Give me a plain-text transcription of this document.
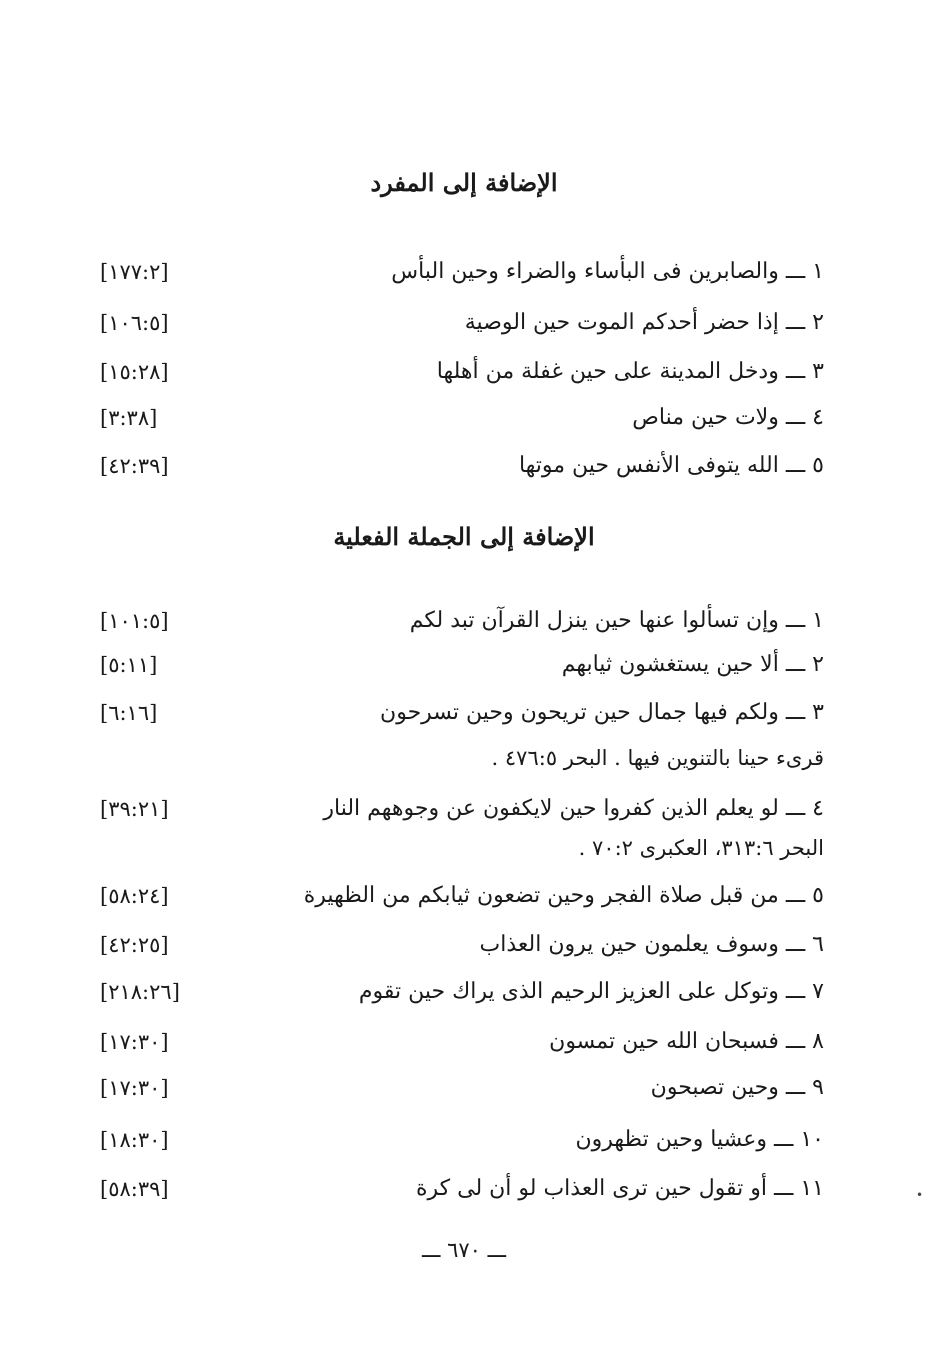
الإضافة إلى المفرد
١ ـــ والصابرين فى البأساء والضراء وحين البأس
[١٧٧:٢]
٢ ـــ إذا حضر أحدكم الموت حين الوصية
[١٠٦:٥]
٣ ـــ ودخل المدينة على حين غفلة من أهلها
[١٥:٢٨]
٤ ـــ ولات حين مناص
[٣:٣٨]
٥ ـــ الله يتوفى الأنفس حين موتها
[٤٢:٣٩]
الإضافة إلى الجملة الفعلية
١ ـــ وإن تسألوا عنها حين ينزل القرآن تبد لكم
[١٠١:٥]
٢ ـــ ألا حين يستغشون ثيابهم
[٥:١١]
٣ ـــ ولكم فيها جمال حين تريحون وحين تسرحون
[٦:١٦]
قرىء حينا بالتنوين فيها . البحر ٤٧٦:٥ .
٤ ـــ لو يعلم الذين كفروا حين لايكفون عن وجوههم النار
[٣٩:٢١]
البحر ٣١٣:٦، العكبرى ٧٠:٢ .
٥ ـــ من قبل صلاة الفجر وحين تضعون ثيابكم من الظهيرة
[٥٨:٢٤]
٦ ـــ وسوف يعلمون حين يرون العذاب
[٤٢:٢٥]
٧ ـــ وتوكل على العزيز الرحيم الذى يراك حين تقوم
[٢١٨:٢٦]
٨ ـــ فسبحان الله حين تمسون
[١٧:٣٠]
٩ ـــ وحين تصبحون
[١٧:٣٠]
١٠ ـــ وعشيا وحين تظهرون
[١٨:٣٠]
١١ ـــ أو تقول حين ترى العذاب لو أن لى كرة
[٥٨:٣٩]
ـــ ٦٧٠ ـــ
•
